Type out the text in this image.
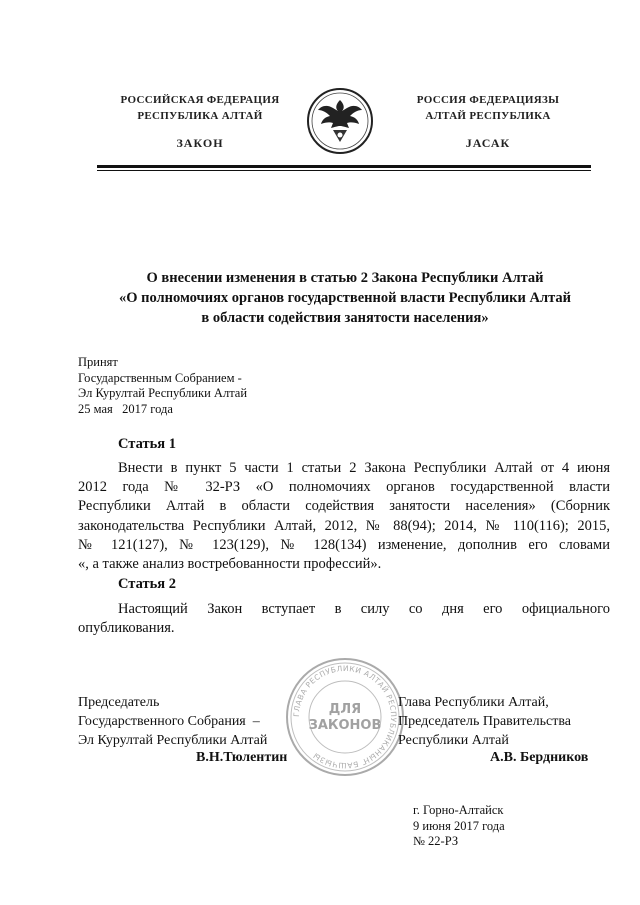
РОССИЙСКАЯ ФЕДЕРАЦИЯ
РЕСПУБЛИКА АЛТАЙ
ЗАКОН
РОССИЯ ФЕДЕРАЦИЯЗЫ
АЛТАЙ РЕСПУБЛИКА
ЈАСАК
О внесении изменения в статью 2 Закона Республики Алтай
«О полномочиях органов государственной власти Республики Алтай
в области содействия занятости населения»
Принят
Государственным Собранием -
Эл Курултай Республики Алтай
25 мая   2017 года
Статья 1
Внести в пункт 5 части 1 статьи 2 Закона Республики Алтай от 4 июня
2012 года № 32-РЗ «О полномочиях органов государственной власти
Республики Алтай в области содействия занятости населения» (Сборник
законодательства Республики Алтай, 2012, № 88(94); 2014, № 110(116); 2015,
№ 121(127), № 123(129), № 128(134) изменение, дополнив его словами
«, а также анализ востребованности профессий».
Статья 2
Настоящий Закон вступает в силу со дня его официального
опубликования.
ГЛАВА РЕСПУБЛИКИ АЛТАЙ РЕСПУБЛИКАНЫҤ БАШЧЫЗЫ
ДЛЯ
ЗАКОНОВ
Председатель
Государственного Собрания  –
Эл Курултай Республики Алтай
В.Н.Тюлентин
Глава Республики Алтай,
Председатель Правительства
Республики Алтай
А.В. Бердников
г. Горно-Алтайск
9 июня 2017 года
№ 22-РЗ
